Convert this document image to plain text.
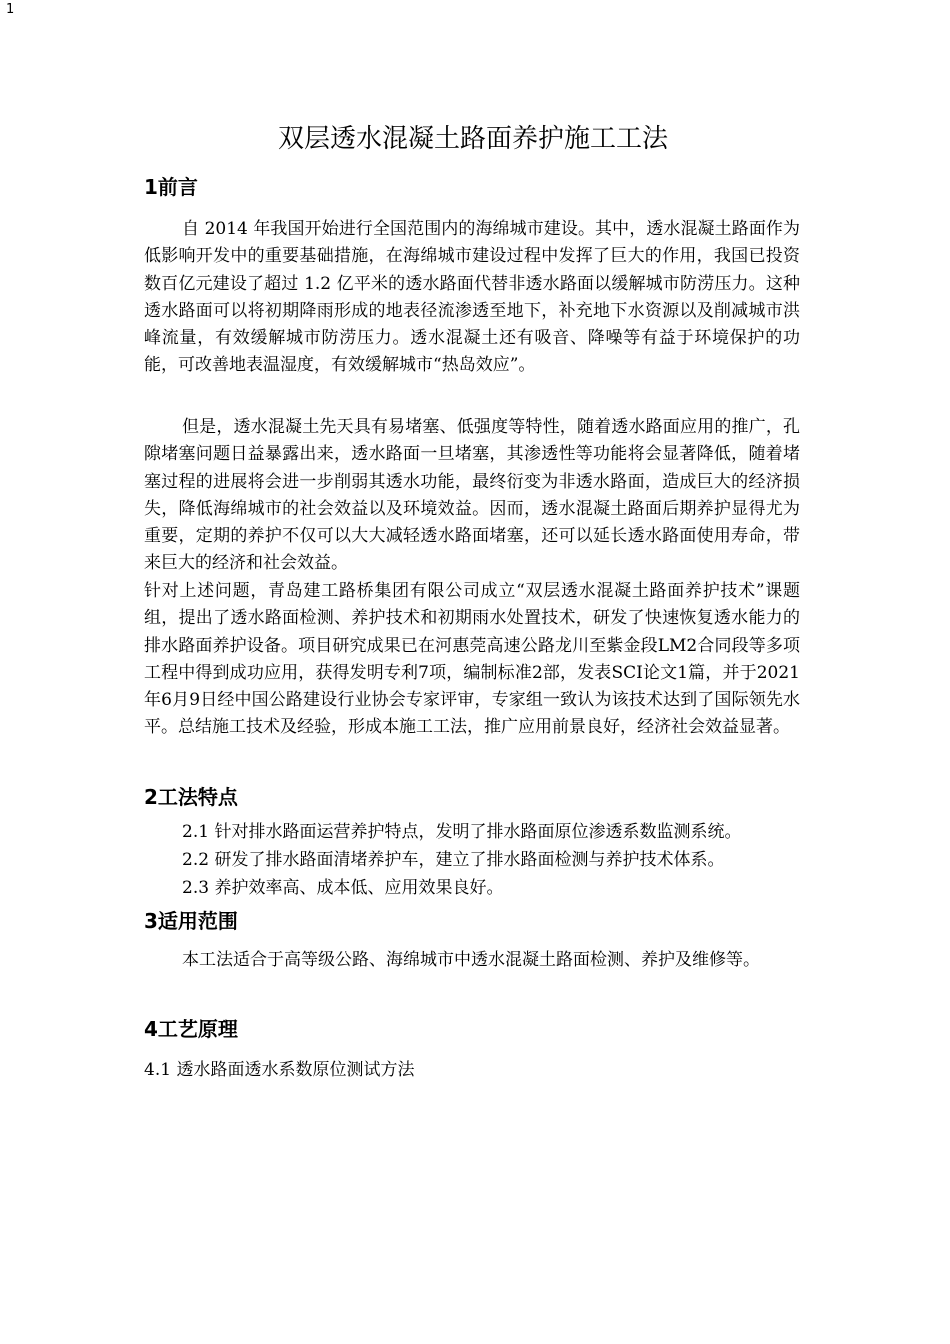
1
双层透水混凝土路面养护施工工法
1前言
自 2014 年我国开始进行全国范围内的海绵城市建设。其中，透水混凝土路面作为低影响开发中的重要基础措施，在海绵城市建设过程中发挥了巨大的作用，我国已投资数百亿元建设了超过 1.2 亿平米的透水路面代替非透水路面以缓解城市防涝压力。这种透水路面可以将初期降雨形成的地表径流渗透至地下，补充地下水资源以及削减城市洪峰流量，有效缓解城市防涝压力。透水混凝土还有吸音、降噪等有益于环境保护的功能，可改善地表温湿度，有效缓解城市“热岛效应”。
但是，透水混凝土先天具有易堵塞、低强度等特性，随着透水路面应用的推广，孔隙堵塞问题日益暴露出来，透水路面一旦堵塞，其渗透性等功能将会显著降低，随着堵塞过程的进展将会进一步削弱其透水功能，最终衍变为非透水路面，造成巨大的经济损失，降低海绵城市的社会效益以及环境效益。因而，透水混凝土路面后期养护显得尤为重要，定期的养护不仅可以大大减轻透水路面堵塞，还可以延长透水路面使用寿命，带来巨大的经济和社会效益。
针对上述问题，青岛建工路桥集团有限公司成立“双层透水混凝土路面养护技术”课题组，提出了透水路面检测、养护技术和初期雨水处置技术，研发了快速恢复透水能力的排水路面养护设备。项目研究成果已在河惠莞高速公路龙川至紫金段LM2合同段等多项工程中得到成功应用，获得发明专利7项，编制标准2部，发表SCI论文1篇，并于2021年6月9日经中国公路建设行业协会专家评审，专家组一致认为该技术达到了国际领先水平。总结施工技术及经验，形成本施工工法，推广应用前景良好，经济社会效益显著。
2工法特点
2.1 针对排水路面运营养护特点，发明了排水路面原位渗透系数监测系统。
2.2 研发了排水路面清堵养护车，建立了排水路面检测与养护技术体系。
2.3 养护效率高、成本低、应用效果良好。
3适用范围
本工法适合于高等级公路、海绵城市中透水混凝土路面检测、养护及维修等。
4工艺原理
4.1 透水路面透水系数原位测试方法
